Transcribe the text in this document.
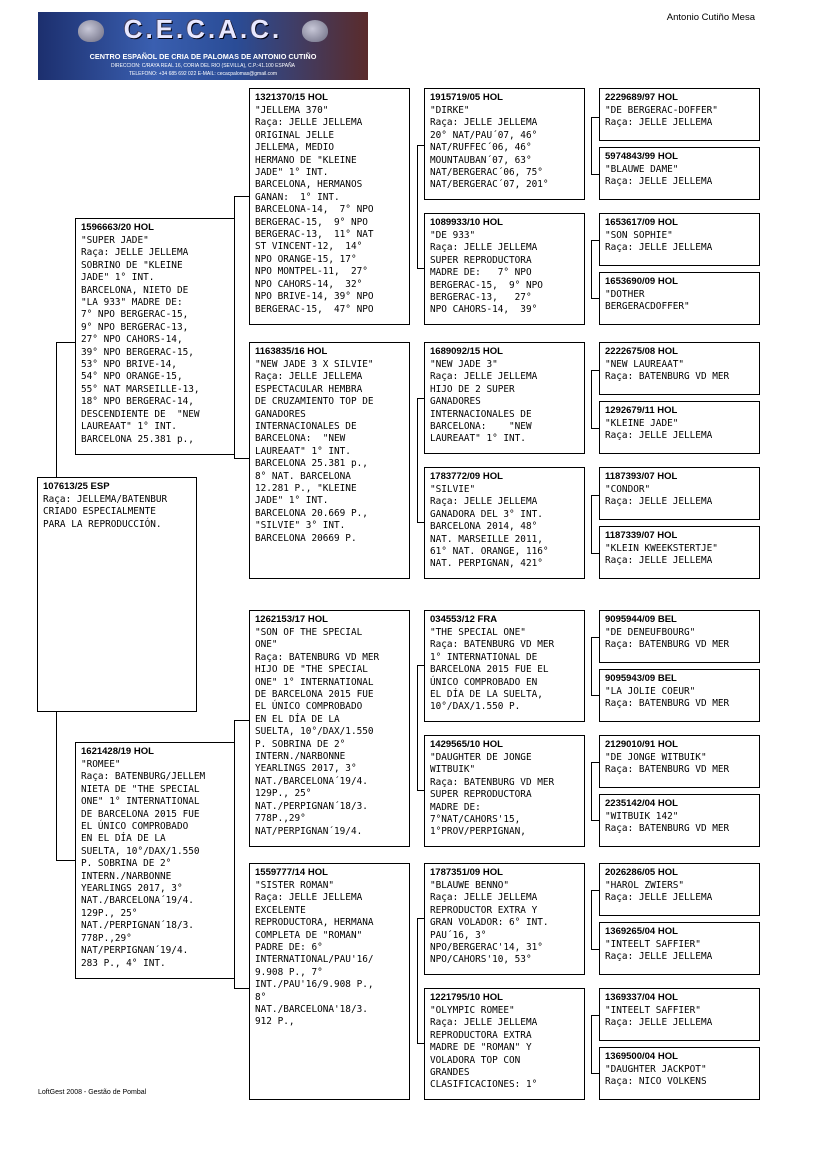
C.E.C.A.C.
CENTRO ESPAÑOL DE CRIA DE PALOMAS DE ANTONIO CUTIÑO
DIRECCION: C/RAYA REAL 16, CORIA DEL RIO (SEVILLA), C.P.:41.100 ESPAÑA
TELEFONO: +34 685 692 022 E-MAIL: cecacpalomas@gmail.com
Antonio Cutiño Mesa
107613/25 ESP
Raça: JELLEMA/BATENBUR
CRIADO ESPECIALMENTE
PARA LA REPRODUCCIÓN.
1596663/20 HOL
"SUPER JADE"
Raça: JELLE JELLEMA
SOBRINO DE "KLEINE
JADE" 1° INT.
BARCELONA, NIETO DE
"LA 933" MADRE DE:
7° NPO BERGERAC-15,
9° NPO BERGERAC-13,
27° NPO CAHORS-14,
39° NPO BERGERAC-15,
53° NPO BRIVE-14,
54° NPO ORANGE-15,
55° NAT MARSEILLE-13,
18° NPO BERGERAC-14,
DESCENDIENTE DE  "NEW
LAUREAAT" 1° INT.
BARCELONA 25.381 p.,
1621428/19 HOL
"ROMEE"
Raça: BATENBURG/JELLEM
NIETA DE "THE SPECIAL
ONE" 1° INTERNATIONAL
DE BARCELONA 2015 FUE
EL ÚNICO COMPROBADO
EN EL DÍA DE LA
SUELTA, 10°/DAX/1.550
P. SOBRINA DE 2°
INTERN./NARBONNE
YEARLINGS 2017, 3°
NAT./BARCELONA´19/4.
129P., 25°
NAT./PERPIGNAN´18/3.
778P.,29°
NAT/PERPIGNAN´19/4.
283 P., 4° INT.
1321370/15 HOL
"JELLEMA 370"
Raça: JELLE JELLEMA
ORIGINAL JELLE
JELLEMA, MEDIO
HERMANO DE "KLEINE
JADE" 1° INT.
BARCELONA, HERMANOS
GANAN:  1° INT.
BARCELONA-14,  7° NPO
BERGERAC-15,  9° NPO
BERGERAC-13,  11° NAT
ST VINCENT-12,  14°
NPO ORANGE-15, 17°
NPO MONTPEL-11,  27°
NPO CAHORS-14,  32°
NPO BRIVE-14, 39° NPO
BERGERAC-15,  47° NPO
1163835/16 HOL
"NEW JADE 3 X SILVIE"
Raça: JELLE JELLEMA
ESPECTACULAR HEMBRA
DE CRUZAMIENTO TOP DE
GANADORES
INTERNACIONALES DE
BARCELONA:  "NEW
LAUREAAT" 1° INT.
BARCELONA 25.381 p.,
8° NAT. BARCELONA
12.281 P., "KLEINE
JADE" 1° INT.
BARCELONA 20.669 P.,
"SILVIE" 3° INT.
BARCELONA 20669 P.
1262153/17 HOL
"SON OF THE SPECIAL
ONE"
Raça: BATENBURG VD MER
HIJO DE "THE SPECIAL
ONE" 1° INTERNATIONAL
DE BARCELONA 2015 FUE
EL ÚNICO COMPROBADO
EN EL DÍA DE LA
SUELTA, 10°/DAX/1.550
P. SOBRINA DE 2°
INTERN./NARBONNE
YEARLINGS 2017, 3°
NAT./BARCELONA´19/4.
129P., 25°
NAT./PERPIGNAN´18/3.
778P.,29°
NAT/PERPIGNAN´19/4.
1559777/14 HOL
"SISTER ROMAN"
Raça: JELLE JELLEMA
EXCELENTE
REPRODUCTORA, HERMANA
COMPLETA DE "ROMAN"
PADRE DE: 6°
INTERNATIONAL/PAU'16/
9.908 P., 7°
INT./PAU'16/9.908 P.,
8°
NAT./BARCELONA'18/3.
912 P.,
1915719/05 HOL
"DIRKE"
Raça: JELLE JELLEMA
20° NAT/PAU´07, 46°
NAT/RUFFEC´06, 46°
MOUNTAUBAN´07, 63°
NAT/BERGERAC´06, 75°
NAT/BERGERAC´07, 201°
1089933/10 HOL
"DE 933"
Raça: JELLE JELLEMA
SUPER REPRODUCTORA
MADRE DE:   7° NPO
BERGERAC-15,  9° NPO
BERGERAC-13,   27°
NPO CAHORS-14,  39°
1689092/15 HOL
"NEW JADE 3"
Raça: JELLE JELLEMA
HIJO DE 2 SUPER
GANADORES
INTERNACIONALES DE
BARCELONA:    "NEW
LAUREAAT" 1° INT.
1783772/09 HOL
"SILVIE"
Raça: JELLE JELLEMA
GANADORA DEL 3° INT.
BARCELONA 2014, 48°
NAT. MARSEILLE 2011,
61° NAT. ORANGE, 116°
NAT. PERPIGNAN, 421°
034553/12 FRA
"THE SPECIAL ONE"
Raça: BATENBURG VD MER
1° INTERNATIONAL DE
BARCELONA 2015 FUE EL
ÚNICO COMPROBADO EN
EL DÍA DE LA SUELTA,
10°/DAX/1.550 P.
1429565/10 HOL
"DAUGHTER DE JONGE
WITBUIK"
Raça: BATENBURG VD MER
SUPER REPRODUCTORA
MADRE DE:
7°NAT/CAHORS'15,
1°PROV/PERPIGNAN,
1787351/09 HOL
"BLAUWE BENNO"
Raça: JELLE JELLEMA
REPRODUCTOR EXTRA Y
GRAN VOLADOR: 6° INT.
PAU´16, 3°
NPO/BERGERAC'14, 31°
NPO/CAHORS'10, 53°
1221795/10 HOL
"OLYMPIC ROMEE"
Raça: JELLE JELLEMA
REPRODUCTORA EXTRA
MADRE DE "ROMAN" Y
VOLADORA TOP CON
GRANDES
CLASIFICACIONES: 1°
2229689/97 HOL
"DE BERGERAC-DOFFER"
Raça: JELLE JELLEMA
5974843/99 HOL
"BLAUWE DAME"
Raça: JELLE JELLEMA
1653617/09 HOL
"SON SOPHIE"
Raça: JELLE JELLEMA
1653690/09 HOL
"DOTHER
BERGERACDOFFER"
2222675/08 HOL
"NEW LAUREAAT"
Raça: BATENBURG VD MER
1292679/11 HOL
"KLEINE JADE"
Raça: JELLE JELLEMA
1187393/07 HOL
"CONDOR"
Raça: JELLE JELLEMA
1187339/07 HOL
"KLEIN KWEEKSTERTJE"
Raça: JELLE JELLEMA
9095944/09 BEL
"DE DENEUFBOURG"
Raça: BATENBURG VD MER
9095943/09 BEL
"LA JOLIE COEUR"
Raça: BATENBURG VD MER
2129010/91 HOL
"DE JONGE WITBUIK"
Raça: BATENBURG VD MER
2235142/04 HOL
"WITBUIK 142"
Raça: BATENBURG VD MER
2026286/05 HOL
"HAROL ZWIERS"
Raça: JELLE JELLEMA
1369265/04 HOL
"INTEELT SAFFIER"
Raça: JELLE JELLEMA
1369337/04 HOL
"INTEELT SAFFIER"
Raça: JELLE JELLEMA
1369500/04 HOL
"DAUGHTER JACKPOT"
Raça: NICO VOLKENS
LoftGest 2008 - Gestão de Pombal
